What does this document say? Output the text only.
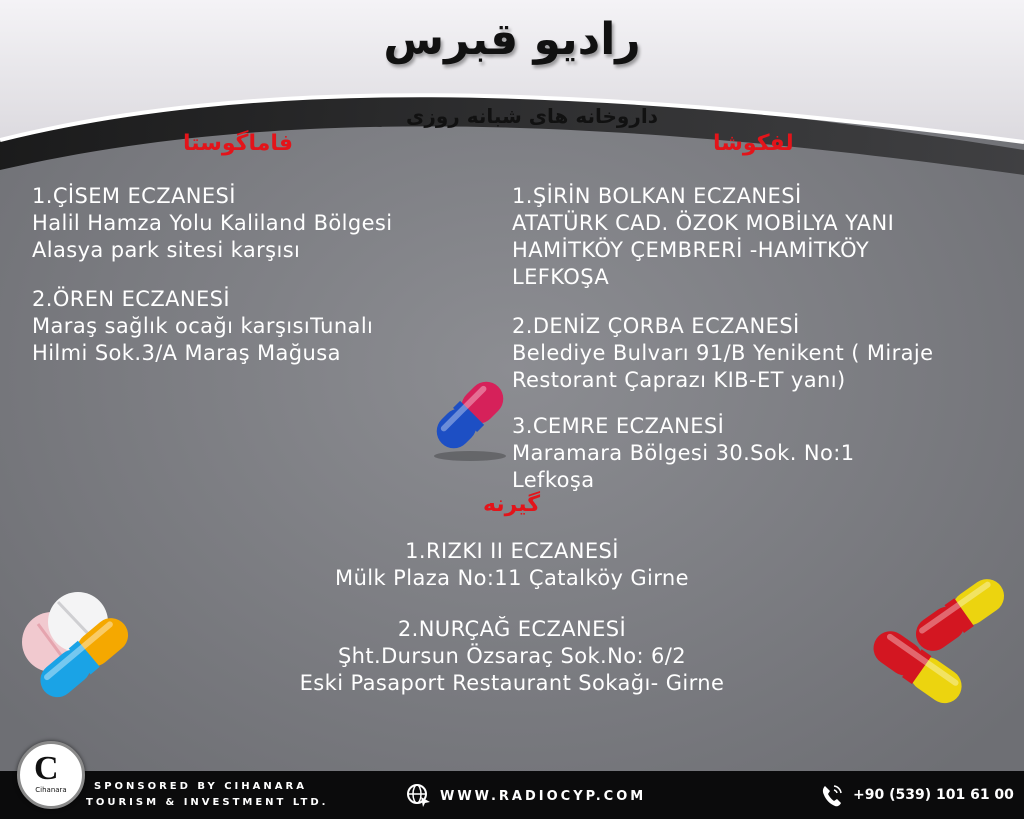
رادیو قبرس
داروخانه های شبانه روزی
فاماگوستا	لفکوشا
گیرنه
1.ÇİSEM ECZANESİ
Halil Hamza Yolu Kaliland Bölgesi
Alasya park sitesi karşısı
2.ÖREN ECZANESİ
Maraş sağlık ocağı karşısıTunalı
Hilmi Sok.3/A Maraş Mağusa
1.ŞİRİN BOLKAN ECZANESİ
ATATÜRK CAD. ÖZOK MOBİLYA YANI
HAMİTKÖY ÇEMBRERİ -HAMİTKÖY
LEFKOŞA
2.DENİZ ÇORBA ECZANESİ
Belediye Bulvarı 91/B Yenikent ( Miraje
Restorant Çaprazı KIB-ET yanı)
3.CEMRE ECZANESİ
Maramara Bölgesi 30.Sok. No:1
Lefkoşa
1.RIZKI II ECZANESİ
Mülk Plaza No:11 Çatalköy Girne
2.NURÇAĞ ECZANESİ
Şht.Dursun Özsaraç Sok.No: 6/2
Eski Pasaport Restaurant Sokağı- Girne
SPONSORED BY CIHANARA
TOURISM & INVESTMENT LTD.	WWW.RADIOCYP.COM	+90 (539) 101 61 00
C
Cihanara
